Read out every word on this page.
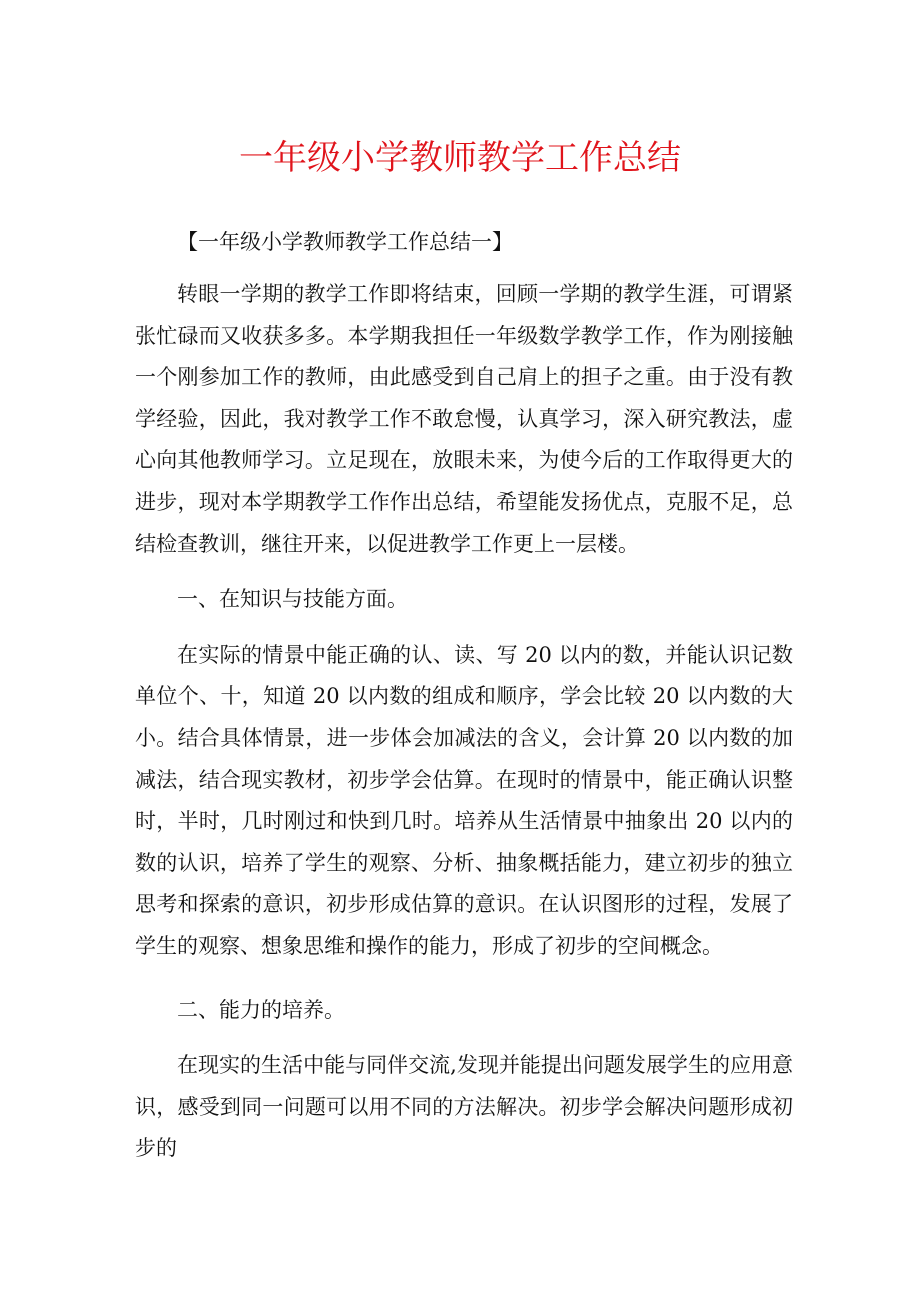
一年级小学教师教学工作总结

【一年级小学教师教学工作总结一】

转眼一学期的教学工作即将结束，回顾一学期的教学生涯，可谓紧张忙碌而又收获多多。本学期我担任一年级数学教学工作，作为刚接触一个刚参加工作的教师，由此感受到自己肩上的担子之重。由于没有教学经验，因此，我对教学工作不敢怠慢，认真学习，深入研究教法，虚心向其他教师学习。立足现在，放眼未来，为使今后的工作取得更大的进步，现对本学期教学工作作出总结，希望能发扬优点，克服不足，总结检查教训，继往开来，以促进教学工作更上一层楼。

一、在知识与技能方面。

在实际的情景中能正确的认、读、写 20 以内的数，并能认识记数单位个、十，知道 20 以内数的组成和顺序，学会比较 20 以内数的大小。结合具体情景，进一步体会加减法的含义，会计算 20 以内数的加减法，结合现实教材，初步学会估算。在现时的情景中，能正确认识整时，半时，几时刚过和快到几时。培养从生活情景中抽象出 20 以内的数的认识，培养了学生的观察、分析、抽象概括能力，建立初步的独立思考和探索的意识，初步形成估算的意识。在认识图形的过程，发展了学生的观察、想象思维和操作的能力，形成了初步的空间概念。

二、能力的培养。

在现实的生活中能与同伴交流,发现并能提出问题发展学生的应用意识，感受到同一问题可以用不同的方法解决。初步学会解决问题形成初步的
